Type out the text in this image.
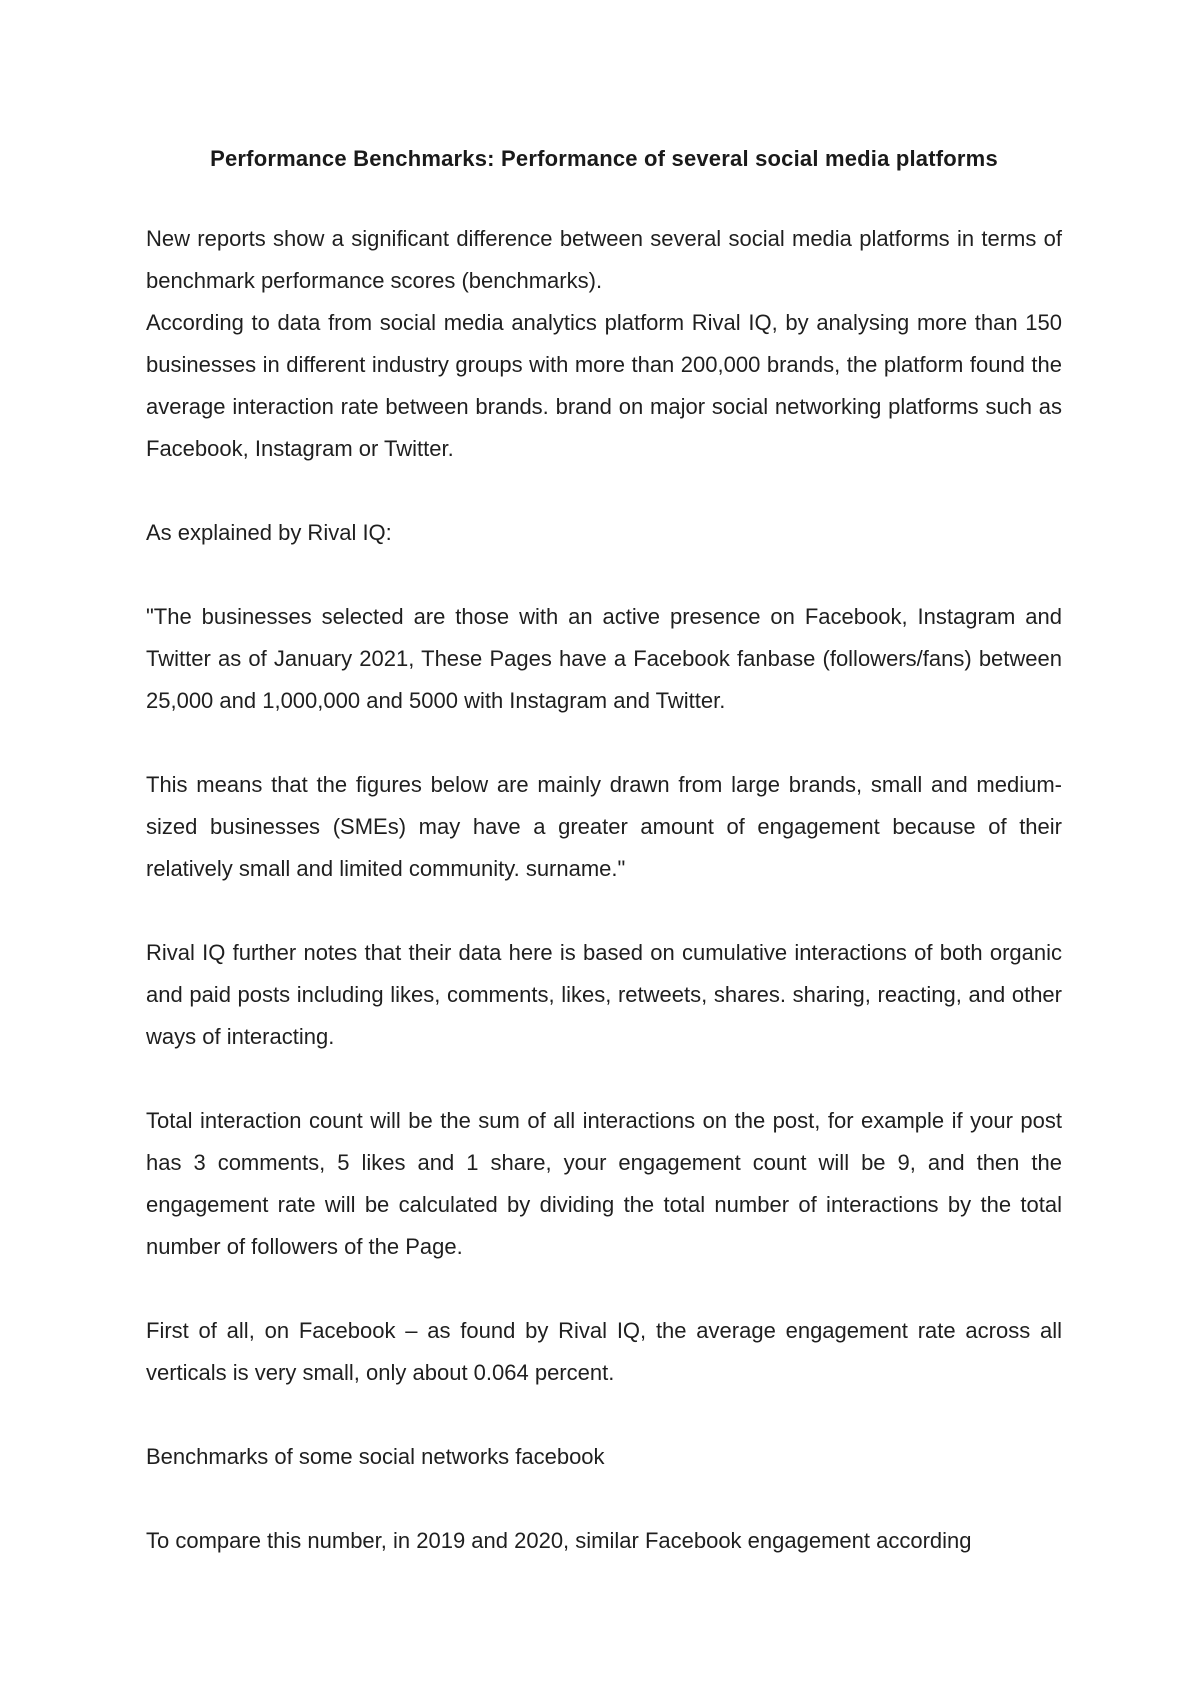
Performance Benchmarks: Performance of several social media platforms

New reports show a significant difference between several social media platforms in terms of benchmark performance scores (benchmarks).

According to data from social media analytics platform Rival IQ, by analysing more than 150 businesses in different industry groups with more than 200,000 brands, the platform found the average interaction rate between brands. brand on major social networking platforms such as Facebook, Instagram or Twitter.

As explained by Rival IQ:

"The businesses selected are those with an active presence on Facebook, Instagram and Twitter as of January 2021, These Pages have a Facebook fanbase (followers/fans) between 25,000 and 1,000,000 and 5000 with Instagram and Twitter.

This means that the figures below are mainly drawn from large brands, small and medium-sized businesses (SMEs) may have a greater amount of engagement because of their relatively small and limited community. surname."

Rival IQ further notes that their data here is based on cumulative interactions of both organic and paid posts including likes, comments, likes, retweets, shares. sharing, reacting, and other ways of interacting.

Total interaction count will be the sum of all interactions on the post, for example if your post has 3 comments, 5 likes and 1 share, your engagement count will be 9, and then the engagement rate will be calculated by dividing the total number of interactions by the total number of followers of the Page.

First of all, on Facebook – as found by Rival IQ, the average engagement rate across all verticals is very small, only about 0.064 percent.

Benchmarks of some social networks facebook

To compare this number, in 2019 and 2020, similar Facebook engagement according
